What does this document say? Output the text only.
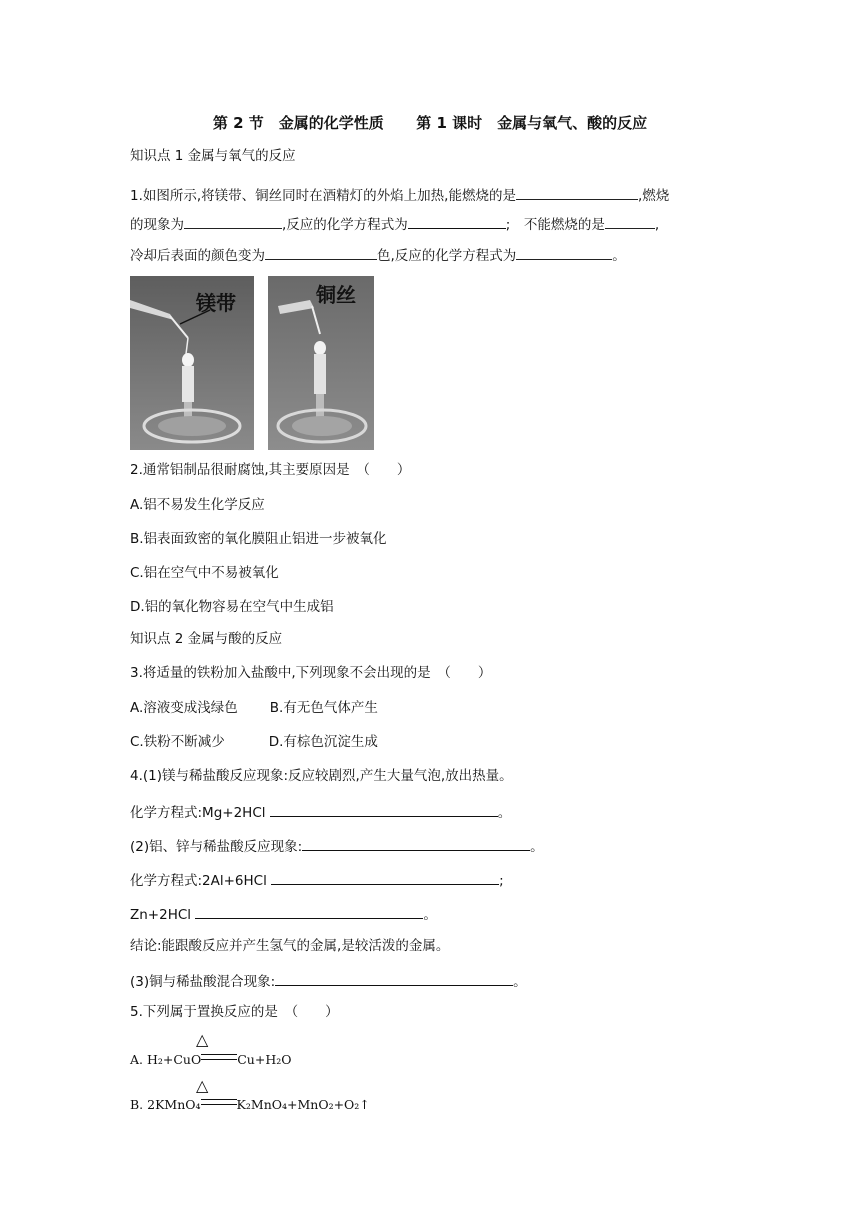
第 2 节　金属的化学性质 第 1 课时　金属与氧气、酸的反应
知识点 1 金属与氧气的反应
1.如图所示,将镁带、铜丝同时在酒精灯的外焰上加热,能燃烧的是	,燃烧
的现象为	,反应的化学方程式为	;　不能燃烧的是	,
冷却后表面的颜色变为	色,反应的化学方程式为	。
镁带	铜丝
2.通常铝制品很耐腐蚀,其主要原因是　（　　）
A.铝不易发生化学反应
B.铝表面致密的氧化膜阻止铝进一步被氧化
C.铝在空气中不易被氧化
D.铝的氧化物容易在空气中生成铝
知识点 2 金属与酸的反应
3.将适量的铁粉加入盐酸中,下列现象不会出现的是　（　　）
A.溶液变成浅绿色 B.有无色气体产生
C.铁粉不断减少	D.有棕色沉淀生成
4.(1)镁与稀盐酸反应现象:反应较剧烈,产生大量气泡,放出热量。
化学方程式:Mg+2HCl	。
(2)铝、锌与稀盐酸反应现象:	。
化学方程式:2Al+6HCl	;
Zn+2HCl	。
结论:能跟酸反应并产生氢气的金属,是较活泼的金属。
(3)铜与稀盐酸混合现象:	。
5.下列属于置换反应的是　（　　）
△
A. H₂+CuO	Cu+H₂O
△
B. 2KMnO₄	K₂MnO₄+MnO₂+O₂↑
